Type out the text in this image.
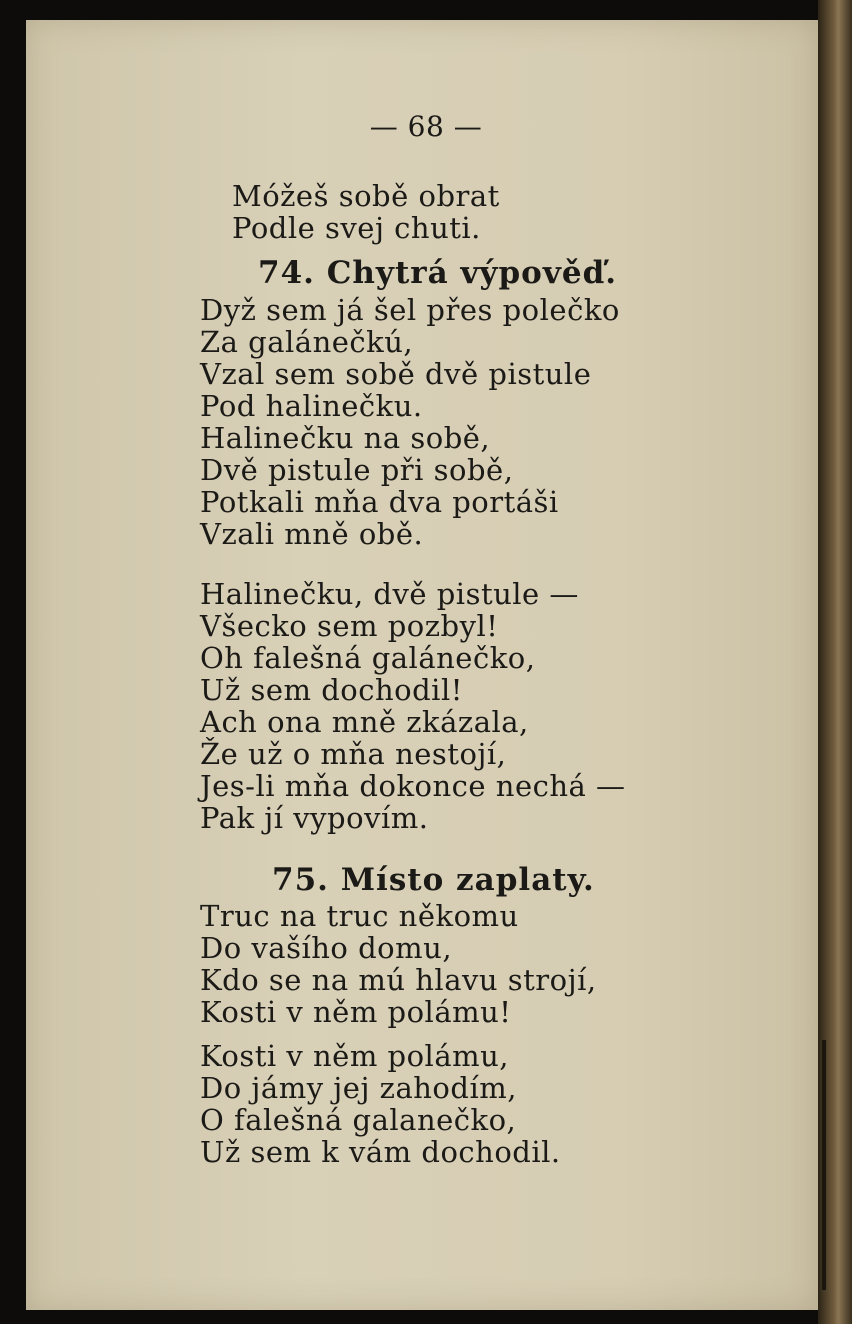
— 68 —
Móžeš sobě obrat
Podle svej chuti.
74. Chytrá výpověď.
Dyž sem já šel přes polečko
Za galánečkú,
Vzal sem sobě dvě pistule
Pod halinečku.
Halinečku na sobě,
Dvě pistule při sobě,
Potkali mňa dva portáši
Vzali mně obě.
Halinečku, dvě pistule —
Všecko sem pozbyl!
Oh falešná galánečko,
Už sem dochodil!
Ach ona mně zkázala,
Že už o mňa nestojí,
Jes-li mňa dokonce nechá —
Pak jí vypovím.
75. Místo zaplaty.
Truc na truc někomu
Do vašího domu,
Kdo se na mú hlavu strojí,
Kosti v něm polámu!
Kosti v něm polámu,
Do jámy jej zahodím,
O falešná galanečko,
Už sem k vám dochodil.
